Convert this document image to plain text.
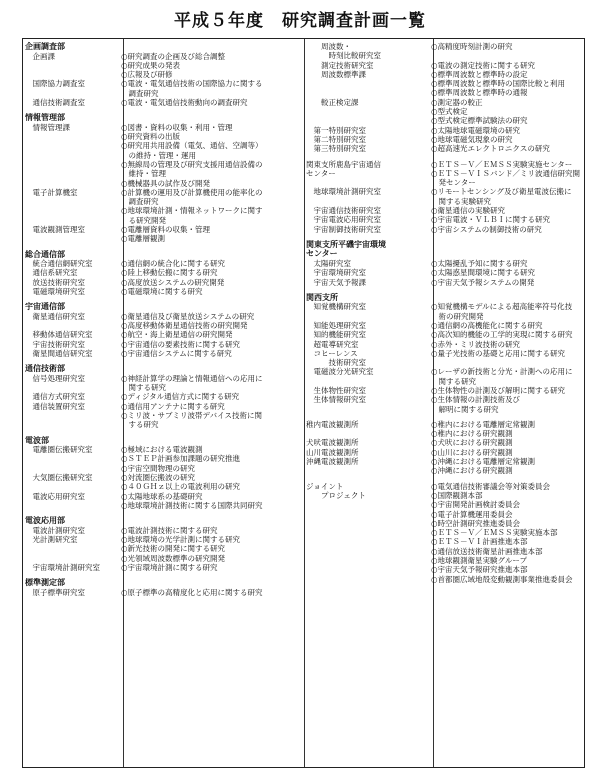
平成５年度　研究調査計画一覧
企画調査部
　企画課	○研究調査の企画及び総合調整
○研究成果の発表
○広報及び研修
　国際協力調査室	○電波・電気通信技術の国際協力に関する
　調査研究
　通信技術調査室	○電波・電気通信技術動向の調査研究
情報管理部
　情報管理課	○図書・資料の収集・利用・管理
○研究資料の出版
○研究用共用設備（電気、通信、空調等）
　の維持・管理・運用
○無線局の管理及び研究支援用通信設備の
　維持・管理
○機械器具の試作及び開発
　電子計算機室	○計算機の運用及び計算機使用の能率化の
　調査研究
○地球環境計測・情報ネットワークに関す
　る研究開発
　電波観測管理室	○電離層資料の収集・管理
○電離層観測
総合通信部
　統合通信網研究室	○通信網の統合化に関する研究
　通信系研究室	○陸上移動伝搬に関する研究
　放送技術研究室	○高度放送システムの研究開発
　電磁環境研究室	○電磁環境に関する研究
宇宙通信部
　衛星通信研究室	○衛星通信及び衛星放送システムの研究
○高度移動体衛星通信技術の研究開発
　移動体通信研究室	○航空・海上衛星通信の研究開発
　宇宙技術研究室	○宇宙通信の要素技術に関する研究
　衛星間通信研究室	○宇宙通信システムに関する研究
通信技術部
　信号処理研究室	○神経計算学の理論と情報通信への応用に
　関する研究
　通信方式研究室	○ディジタル通信方式に関する研究
　通信装置研究室	○通信用アンテナに関する研究
○ミリ波・サブミリ波帯デバイス技術に関
　する研究
電波部
　電離圏伝搬研究室	○極域における電波観測
○ＳＴＥＰ計画参加課題の研究推進
○宇宙空間物理の研究
　大気圏伝搬研究室	○対流圏伝搬波の研究
○４０ＧＨｚ以上の電波利用の研究
　電波応用研究室	○太陽地球系の基礎研究
○地球環境計測技術に関する国際共同研究
電波応用部
　電波計測研究室	○電波計測技術に関する研究
　光計測研究室	○地球環境の光学計測に関する研究
○新光技術の開発に関する研究
○光領域周波数標準の研究開発
　宇宙環境計測研究室	○宇宙環境計測に関する研究
標準測定部
　原子標準研究室	○原子標準の高精度化と応用に関する研究
　　周波数・
　　　時刻比較研究室
○高精度時刻計測の研究
　　測定技術研究室	○電波の測定技術に関する研究
　　周波数標準課	○標準周波数と標準時の設定
○標準周波数と標準時の国際比較と利用
○標準周波数と標準時の通報
　　較正検定課	○測定器の較正
○型式検定
○型式検定標準試験法の研究
　第一特別研究室	○太陽地球電磁環境の研究
　第二特別研究室	○地球電磁気現象の研究
　第三特別研究室	○超高速光エレクトロニクスの研究
関東支所鹿島宇宙通信
センター
○ＥＴＳ－Ｖ／ＥＭＳＳ実験実施センター
○ＥＴＳ－ＶＩＳバンド／ミリ波通信研究開
　発センター
　地球環境計測研究室	○リモートセンシング及び衛星電波伝搬に
　関する実験研究
　宇宙通信技術研究室	○衛星通信の実験研究
　宇宙電波応用研究室	○宇宙電波・ＶＬＢＩに関する研究
　宇宙制御技術研究室	○宇宙システムの制御技術の研究
関東支所平磯宇宙環境
センター
　太陽研究室	○太陽擾乱予知に関する研究
　宇宙環境研究室	○太陽惑星間環境に関する研究
　宇宙天気予報課	○宇宙天気予報システムの開発
関西支所
　知覚機構研究室	○知覚機構モデルによる超高能率符号化技
　術の研究開発
　知能処理研究室	○通信網の高機能化に関する研究
　知的機能研究室	○高次知的機能の工学的実現に関する研究
　超電導研究室	○赤外・ミリ波技術の研究
　コヒーレンス
　　　技術研究室
○量子光技術の基礎と応用に関する研究
　電磁波分光研究室	○レーザの新技術と分光・計測への応用に
　関する研究
　生体物性研究室	○生体物性の計測及び解明に関する研究
　生体情報研究室	○生体情報の計測技術及び
　解明に関する研究
稚内電波観測所	○稚内における電離層定常観測
○稚内における研究観測
犬吠電波観測所	○犬吠における研究観測
山川電波観測所	○山川における研究観測
沖縄電波観測所	○沖縄における電離層定常観測
○沖縄における研究観測
ジョイント
　　プロジェクト
○電気通信技術審議会等対策委員会
○国際観測本部
○宇宙開発計画検討委員会
○電子計算機運用委員会
○時空計測研究推進委員会
○ＥＴＳ－Ｖ／ＥＭＳＳ実験実施本部
○ＥＴＳ－ＶＩ計画推進本部
○通信放送技術衛星計画推進本部
○地球観測衛星実験グループ
○宇宙天気予報研究推進本部
○首都圏広域地殻変動観測事業推進委員会
